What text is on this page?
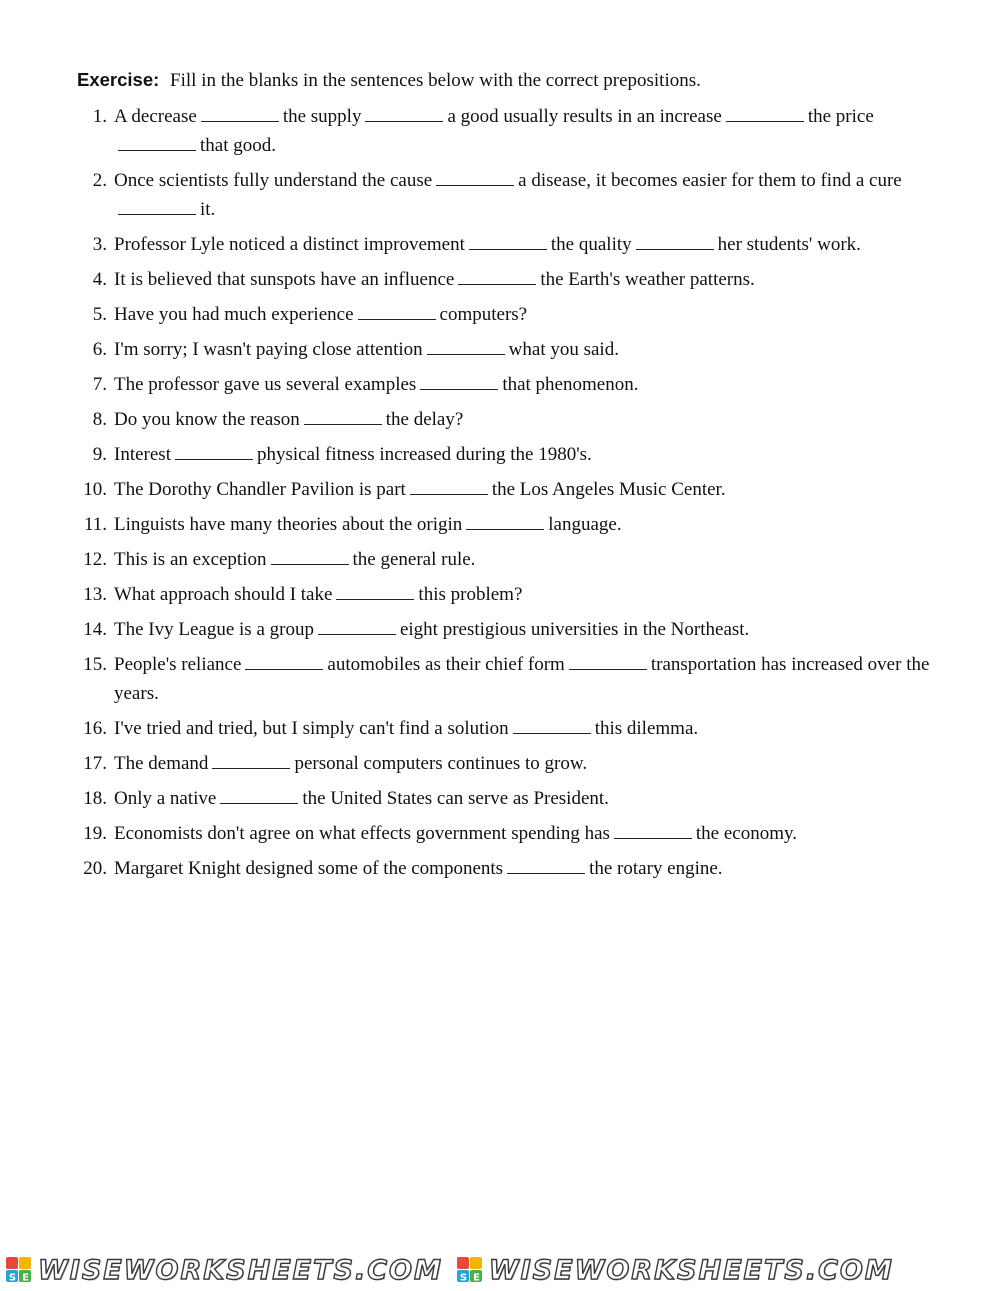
Exercise: Fill in the blanks in the sentences below with the correct prepositions.
1. A decrease	the supply	a good usually results in an increase	the pricethat good.
2. Once scientists fully understand the cause	a disease, it becomes easier for them to find a cureit.
3. Professor Lyle noticed a distinct improvement	the quality	her students' work.
4. It is believed that sunspots have an influence	the Earth's weather patterns.
5. Have you had much experience	computers?
6. I'm sorry; I wasn't paying close attention	what you said.
7. The professor gave us several examples	that phenomenon.
8. Do you know the reason	the delay?
9. Interest	physical fitness increased during the 1980's.
10. The Dorothy Chandler Pavilion is part	the Los Angeles Music Center.
11. Linguists have many theories about the origin	language.
12. This is an exception	the general rule.
13. What approach should I take	this problem?
14. The Ivy League is a group	eight prestigious universities in the Northeast.
15. People's reliance	automobiles as their chief form	transportation has increased over the years.
16. I've tried and tried, but I simply can't find a solution	this dilemma.
17. The demand	personal computers continues to grow.
18. Only a native	the United States can serve as President.
19. Economists don't agree on what effects government spending has	the economy.
20. Margaret Knight designed some of the components	the rotary engine.
S E WISEWORKSHEETS.COM S E WISEWORKSHEETS.COM
